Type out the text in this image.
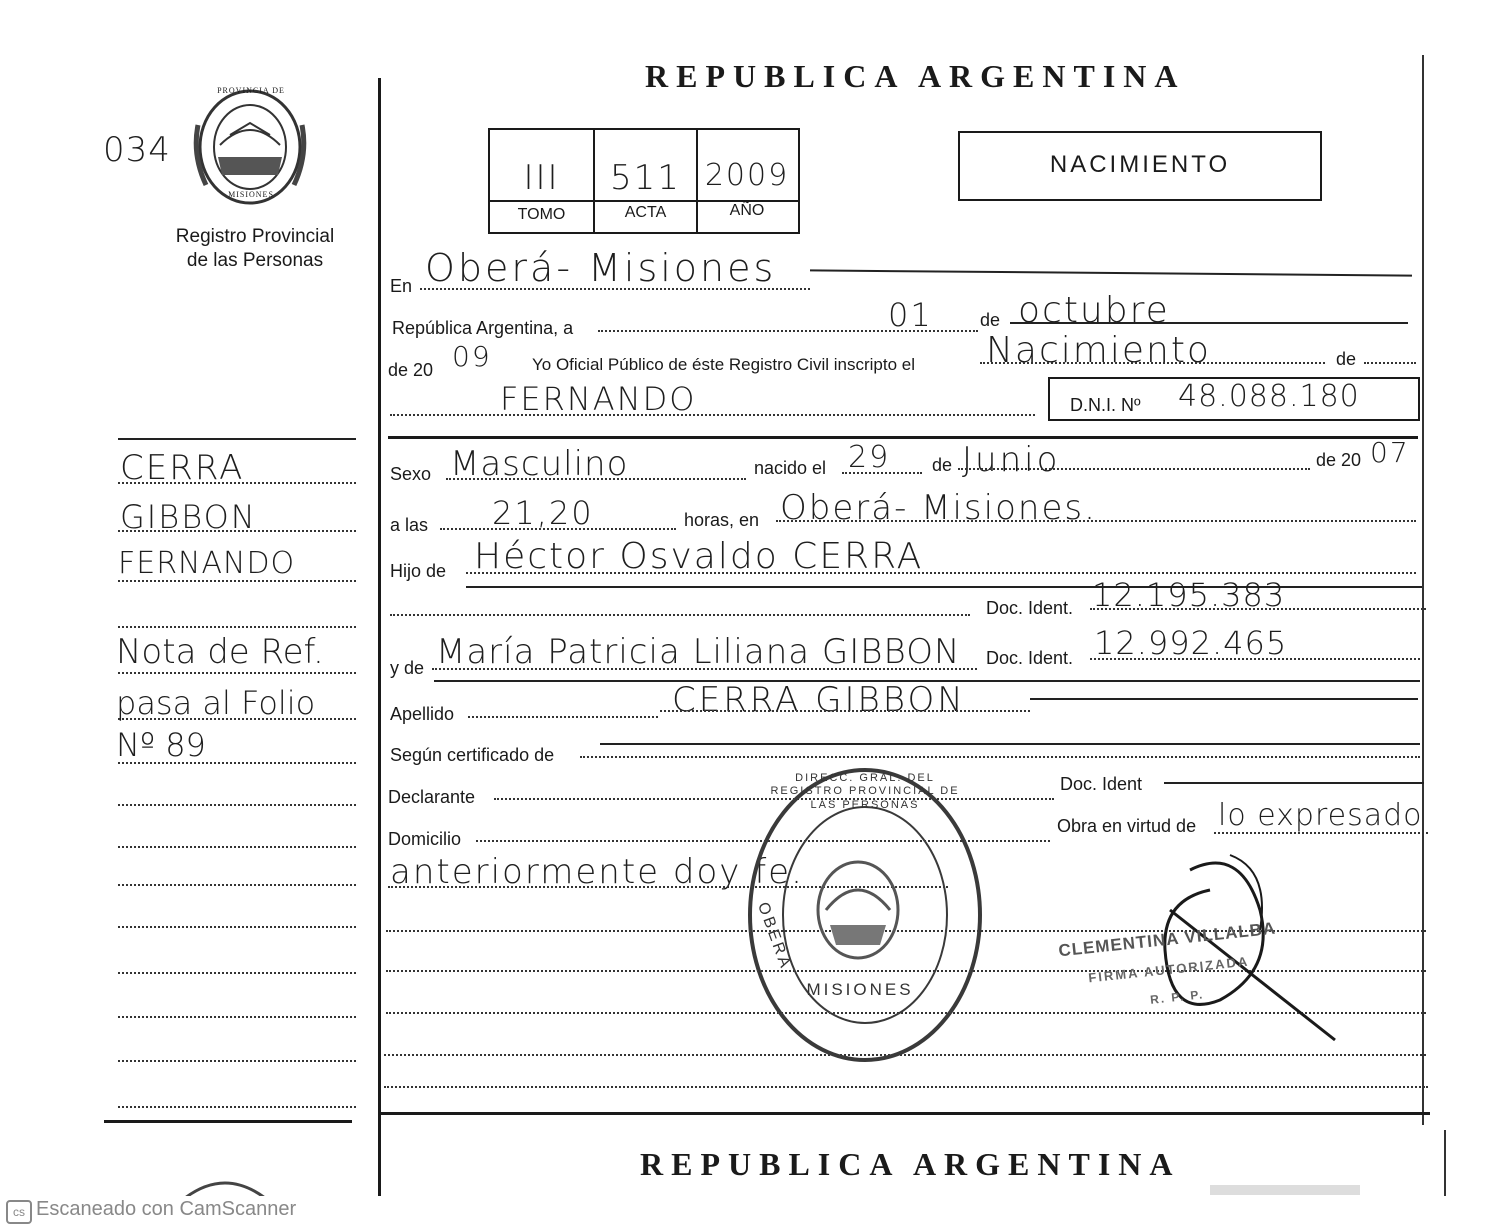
REPUBLICA ARGENTINA
034
PROVINCIA DE
MISIONES
Registro Provincial
de las Personas
III	511 2009
TOMO	ACTA	AÑO
NACIMIENTO
CERRA
GIBBON
FERNANDO
Nota de Ref.
pasa al Folio
Nº 89
En Oberá- Misiones
República Argentina, a	01	de octubre
de 20 09 Yo Oficial Público de éste Registro Civil inscripto el Nacimiento	de
FERNANDO	D.N.I. Nº 48.088.180
Sexo Masculino	nacido el 29 de Junio	de 20 07
a las 21,20	horas, en Oberá- Misiones.
Hijo de Héctor Osvaldo CERRA
Doc. Ident. 12.195.383
y de María Patricia Liliana GIBBON Doc. Ident. 12.992.465
Apellido	CERRA GIBBON
Según certificado de
Declarante
Doc. Ident
Domicilio
Obra en virtud de lo expresado
anteriormente doy fe.
DIRECC. GRAL. DEL REGISTRO PROVINCIAL DE LAS PERSONAS
MISIONES
OBERA	CLEMENTINA VILLALBA
FIRMA AUTORIZADA
R. P. P.
REPUBLICA ARGENTINA
cs Escaneado con CamScanner
